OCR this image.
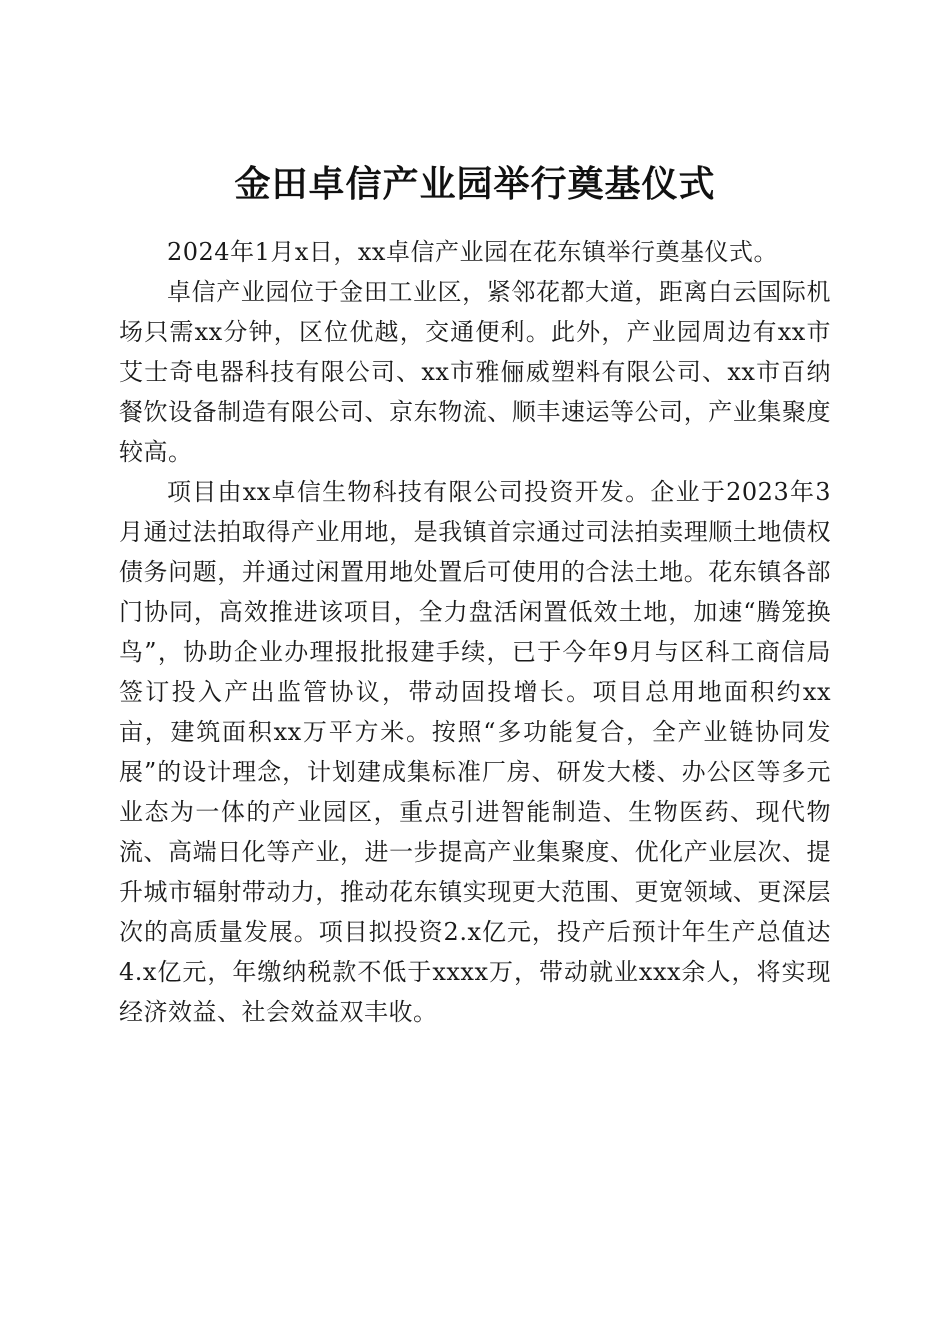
金田卓信产业园举行奠基仪式

2024年1月x日，xx卓信产业园在花东镇举行奠基仪式。

卓信产业园位于金田工业区，紧邻花都大道，距离白云国际机场只需xx分钟，区位优越，交通便利。此外，产业园周边有xx市艾士奇电器科技有限公司、xx市雅俪威塑料有限公司、xx市百纳餐饮设备制造有限公司、京东物流、顺丰速运等公司，产业集聚度较高。

项目由xx卓信生物科技有限公司投资开发。企业于2023年3月通过法拍取得产业用地，是我镇首宗通过司法拍卖理顺土地债权债务问题，并通过闲置用地处置后可使用的合法土地。花东镇各部门协同，高效推进该项目，全力盘活闲置低效土地，加速“腾笼换鸟”，协助企业办理报批报建手续，已于今年9月与区科工商信局签订投入产出监管协议，带动固投增长。项目总用地面积约xx亩，建筑面积xx万平方米。按照“多功能复合，全产业链协同发展”的设计理念，计划建成集标准厂房、研发大楼、办公区等多元业态为一体的产业园区，重点引进智能制造、生物医药、现代物流、高端日化等产业，进一步提高产业集聚度、优化产业层次、提升城市辐射带动力，推动花东镇实现更大范围、更宽领域、更深层次的高质量发展。项目拟投资2.x亿元，投产后预计年生产总值达4.x亿元，年缴纳税款不低于xxxx万，带动就业xxx余人，将实现经济效益、社会效益双丰收。
